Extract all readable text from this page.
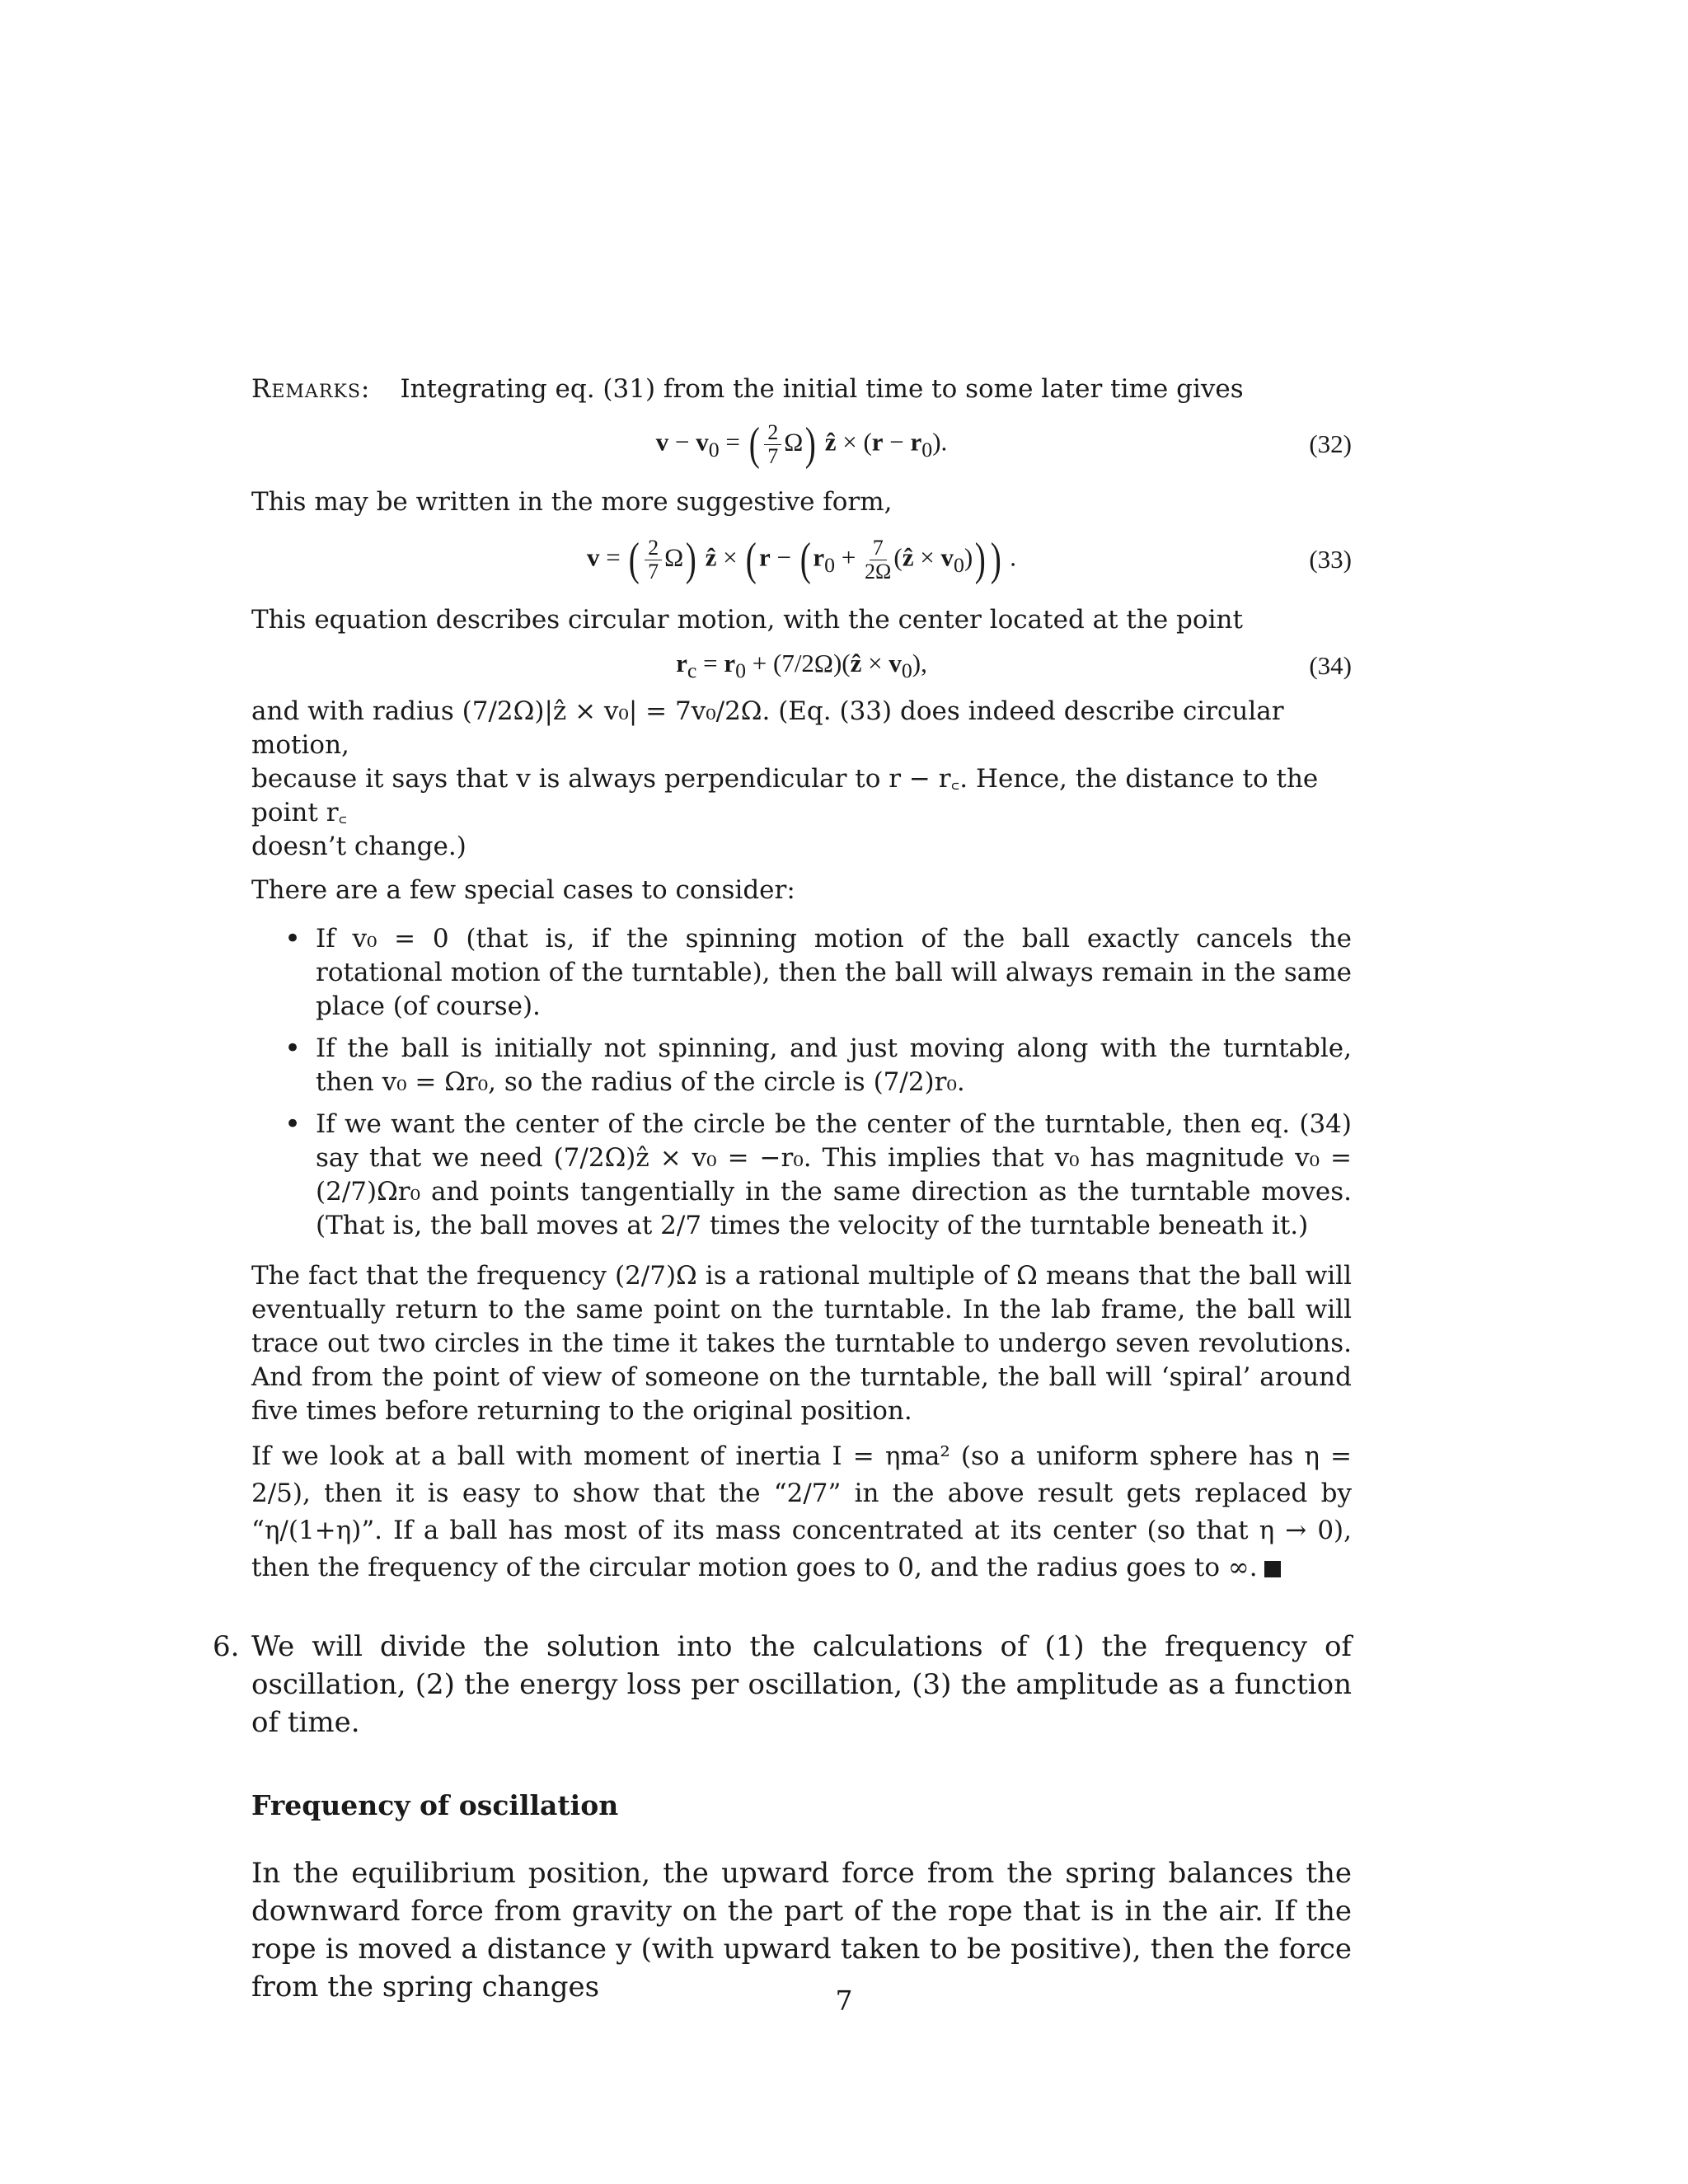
Remarks: Integrating eq. (31) from the initial time to some later time gives

$v - v_0$ = ( $\frac{2}{7} \Omega$) ẑ × $(r - r_0)$.	(32)

This may be written in the more suggestive form,

v = ( $\frac{2}{7} \Omega$) ẑ × ($r - (r_0 + \frac{7}{2\Omega}$ (ẑ × $v_0$))) .	(33)

This equation describes circular motion, with the center located at the point

$r_c = r_0$ + (7/2Ω)(ẑ × $v_0$),	(34)

and with radius (7/2Ω)|ẑ × v₀| = 7v₀/2Ω. (Eq. (33) does indeed describe circular motion,
because it says that v is always perpendicular to r − r꜀. Hence, the distance to the point r꜀
doesn’t change.)

There are a few special cases to consider:

• If v₀ = 0 (that is, if the spinning motion of the ball exactly cancels the rotational motion of the turntable), then the ball will always remain in the same place (of course).
• If the ball is initially not spinning, and just moving along with the turntable, then v₀ = Ωr₀, so the radius of the circle is (7/2)r₀.
• If we want the center of the circle be the center of the turntable, then eq. (34) say that we need (7/2Ω)ẑ × v₀ = −r₀. This implies that v₀ has magnitude v₀ = (2/7)Ωr₀ and points tangentially in the same direction as the turntable moves. (That is, the ball moves at 2/7 times the velocity of the turntable beneath it.)

The fact that the frequency (2/7)Ω is a rational multiple of Ω means that the ball will eventually return to the same point on the turntable. In the lab frame, the ball will trace out two circles in the time it takes the turntable to undergo seven revolutions. And from the point of view of someone on the turntable, the ball will ‘spiral’ around five times before returning to the original position.

If we look at a ball with moment of inertia I = ηma² (so a uniform sphere has η = 2/5), then it is easy to show that the “2/7” in the above result gets replaced by “η/(1+η)”. If a ball has most of its mass concentrated at its center (so that η → 0), then the frequency of the circular motion goes to 0, and the radius goes to ∞.

6. We will divide the solution into the calculations of (1) the frequency of oscillation, (2) the energy loss per oscillation, (3) the amplitude as a function of time.
Frequency of oscillation

In the equilibrium position, the upward force from the spring balances the downward force from gravity on the part of the rope that is in the air. If the rope is moved a distance y (with upward taken to be positive), then the force from the spring changes	7
